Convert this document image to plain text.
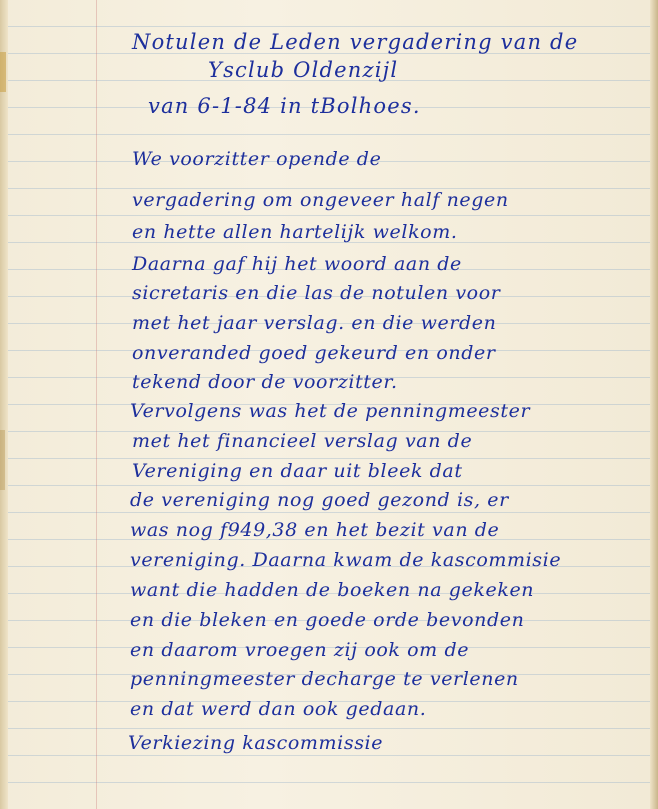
Notulen de Leden vergadering van de
Ysclub Oldenzijl
van 6-1-84 in tBolhoes.
We voorzitter opende de
vergadering om ongeveer half negen
en hette allen hartelijk welkom.
Daarna gaf hij het woord aan de
sicretaris en die las de notulen voor
met het jaar verslag. en die werden
onveranded goed gekeurd en onder
tekend door de voorzitter.
Vervolgens was het de penningmeester
met het financieel verslag van de
Vereniging en daar uit bleek dat
de vereniging nog goed gezond is, er
was nog f949,38 en het bezit van de
vereniging. Daarna kwam de kascommisie
want die hadden de boeken na gekeken
en die bleken en goede orde bevonden
en daarom vroegen zij ook om de
penningmeester decharge te verlenen
en dat werd dan ook gedaan.
Verkiezing kascommissie
